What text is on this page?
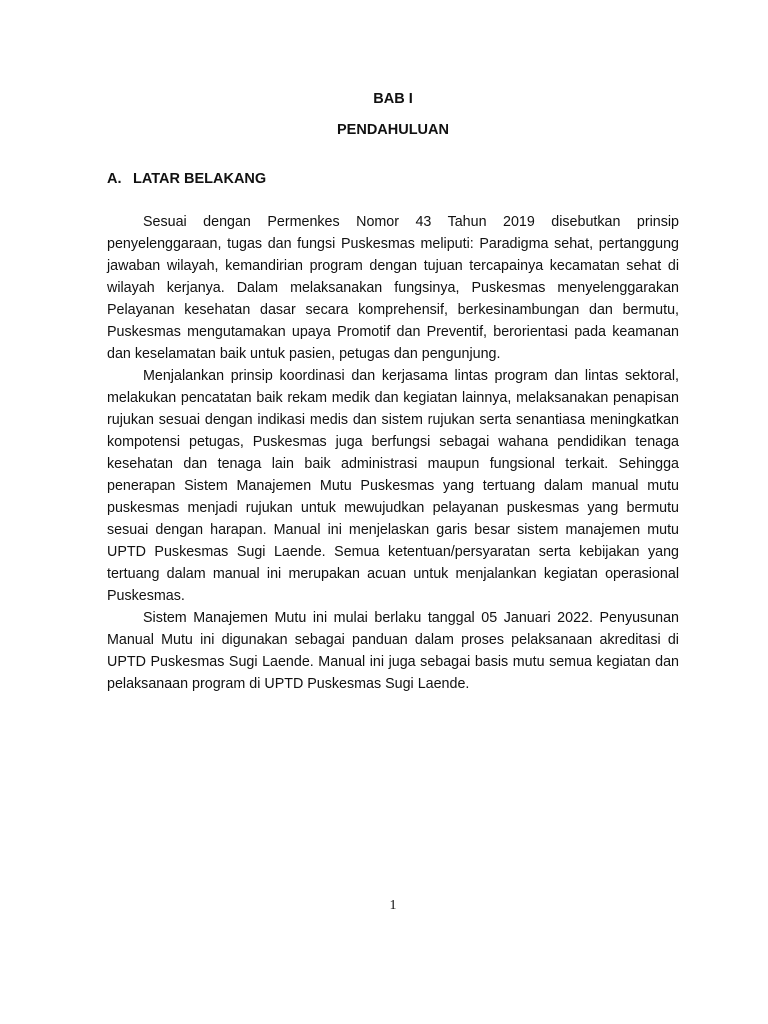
BAB I
PENDAHULUAN
A. LATAR BELAKANG

Sesuai dengan Permenkes Nomor 43 Tahun 2019 disebutkan prinsip penyelenggaraan, tugas dan fungsi Puskesmas meliputi: Paradigma sehat, pertanggung jawaban wilayah, kemandirian program dengan tujuan tercapainya kecamatan sehat di wilayah kerjanya. Dalam melaksanakan fungsinya, Puskesmas menyelenggarakan Pelayanan kesehatan dasar secara komprehensif, berkesinambungan dan bermutu, Puskesmas mengutamakan upaya Promotif dan Preventif, berorientasi pada keamanan dan keselamatan baik untuk pasien, petugas dan pengunjung.

Menjalankan prinsip koordinasi dan kerjasama lintas program dan lintas sektoral, melakukan pencatatan baik rekam medik dan kegiatan lainnya, melaksanakan penapisan rujukan sesuai dengan indikasi medis dan sistem rujukan serta senantiasa meningkatkan kompotensi petugas, Puskesmas juga berfungsi sebagai wahana pendidikan tenaga kesehatan dan tenaga lain baik administrasi maupun fungsional terkait. Sehingga penerapan Sistem Manajemen Mutu Puskesmas yang tertuang dalam manual mutu puskesmas menjadi rujukan untuk mewujudkan pelayanan puskesmas yang bermutu sesuai dengan harapan. Manual ini menjelaskan garis besar sistem manajemen mutu UPTD Puskesmas Sugi Laende. Semua ketentuan/persyaratan serta kebijakan yang tertuang dalam manual ini merupakan acuan untuk menjalankan kegiatan operasional Puskesmas.

Sistem Manajemen Mutu ini mulai berlaku tanggal 05 Januari 2022. Penyusunan Manual Mutu ini digunakan sebagai panduan dalam proses pelaksanaan akreditasi di UPTD Puskesmas Sugi Laende. Manual ini juga sebagai basis mutu semua kegiatan dan pelaksanaan program di UPTD Puskesmas Sugi Laende.

1
